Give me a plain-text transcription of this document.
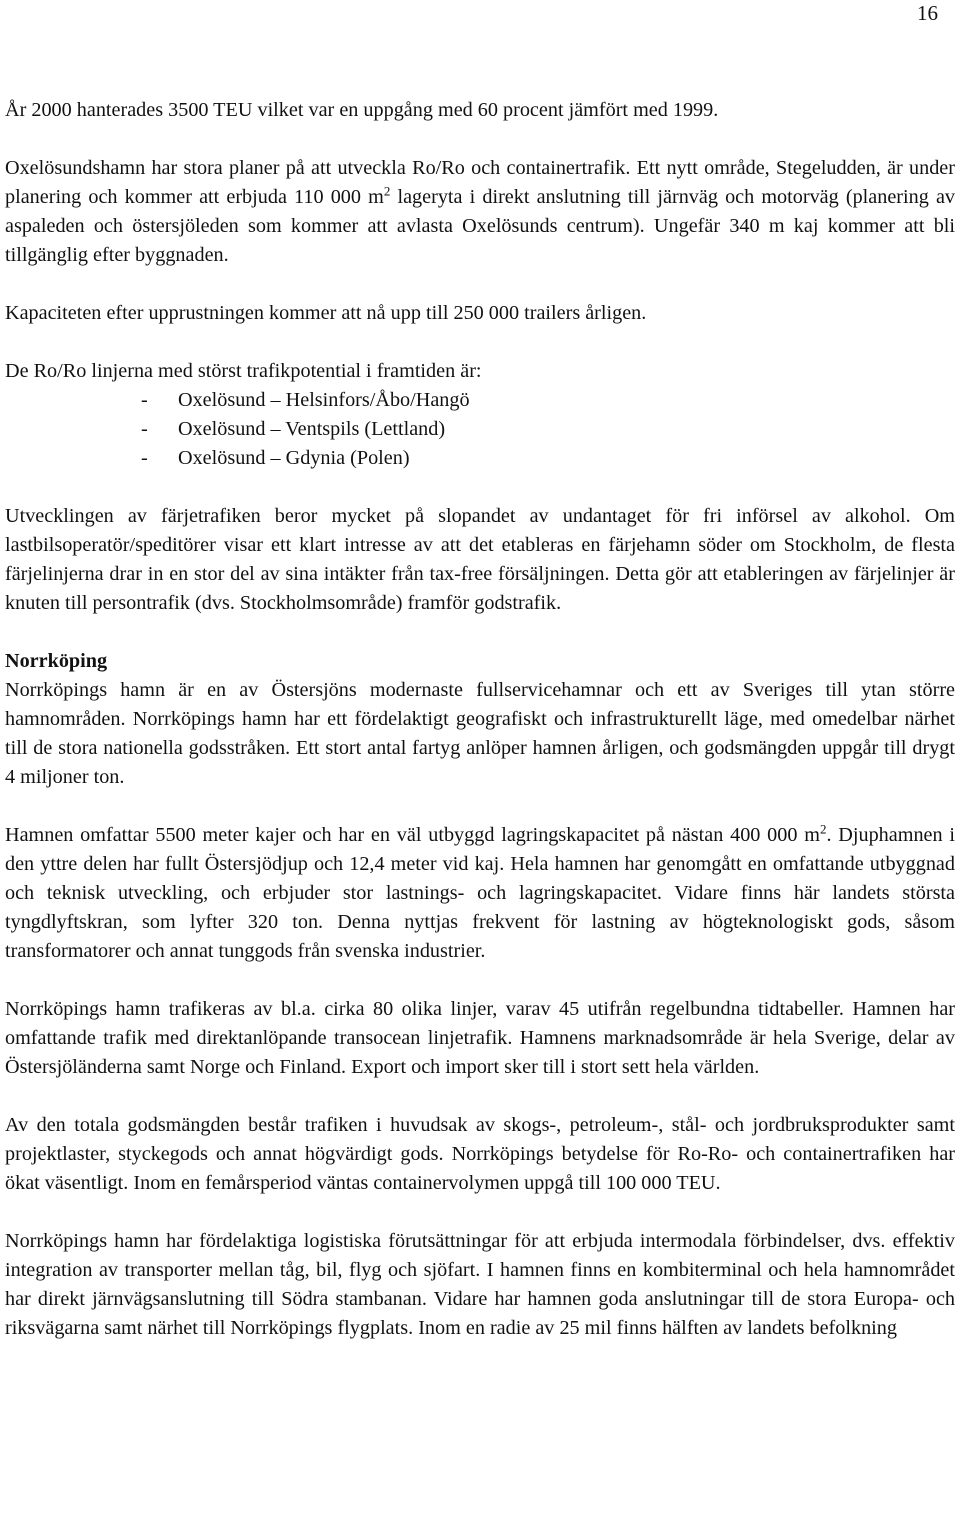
16

År 2000 hanterades 3500 TEU vilket var en uppgång med 60 procent jämfört med 1999.

Oxelösundshamn har stora planer på att utveckla Ro/Ro och containertrafik. Ett nytt område, Stegeludden, är under planering och kommer att erbjuda 110 000 $m^2$ lageryta i direkt anslutning till järnväg och motorväg (planering av aspaleden och östersjöleden som kommer att avlasta Oxelösunds centrum). Ungefär 340 m kaj kommer att bli tillgänglig efter byggnaden.

Kapaciteten efter upprustningen kommer att nå upp till 250 000 trailers årligen.

De Ro/Ro linjerna med störst trafikpotential i framtiden är:

- Oxelösund – Helsinfors/Åbo/Hangö
- Oxelösund – Ventspils (Lettland)
- Oxelösund – Gdynia (Polen)

Utvecklingen av färjetrafiken beror mycket på slopandet av undantaget för fri införsel av alkohol. Om lastbilsoperatör/speditörer visar ett klart intresse av att det etableras en färjehamn söder om Stockholm, de flesta färjelinjerna drar in en stor del av sina intäkter från tax-free försäljningen. Detta gör att etableringen av färjelinjer är knuten till persontrafik (dvs. Stockholmsområde) framför godstrafik.

Norrköping

Norrköpings hamn är en av Östersjöns modernaste fullservicehamnar och ett av Sveriges till ytan större hamnområden. Norrköpings hamn har ett fördelaktigt geografiskt och infrastrukturellt läge, med omedelbar närhet till de stora nationella godsstråken. Ett stort antal fartyg anlöper hamnen årligen, och godsmängden uppgår till drygt 4 miljoner ton.

Hamnen omfattar 5500 meter kajer och har en väl utbyggd lagringskapacitet på nästan 400 000 $m^2$. Djuphamnen i den yttre delen har fullt Östersjödjup och 12,4 meter vid kaj. Hela hamnen har genomgått en omfattande utbyggnad och teknisk utveckling, och erbjuder stor lastnings- och lagringskapacitet. Vidare finns här landets största tyngdlyftskran, som lyfter 320 ton. Denna nyttjas frekvent för lastning av högteknologiskt gods, såsom transformatorer och annat tunggods från svenska industrier.

Norrköpings hamn trafikeras av bl.a. cirka 80 olika linjer, varav 45 utifrån regelbundna tidtabeller. Hamnen har omfattande trafik med direktanlöpande transocean linjetrafik. Hamnens marknadsområde är hela Sverige, delar av Östersjöländerna samt Norge och Finland. Export och import sker till i stort sett hela världen.

Av den totala godsmängden består trafiken i huvudsak av skogs-, petroleum-, stål- och jordbruksprodukter samt projektlaster, styckegods och annat högvärdigt gods. Norrköpings betydelse för Ro-Ro- och containertrafiken har ökat väsentligt. Inom en femårsperiod väntas containervolymen uppgå till 100 000 TEU.

Norrköpings hamn har fördelaktiga logistiska förutsättningar för att erbjuda intermodala förbindelser, dvs. effektiv integration av transporter mellan tåg, bil, flyg och sjöfart. I hamnen finns en kombiterminal och hela hamnområdet har direkt järnvägsanslutning till Södra stambanan. Vidare har hamnen goda anslutningar till de stora Europa- och riksvägarna samt närhet till Norrköpings flygplats. Inom en radie av 25 mil finns hälften av landets befolkning
